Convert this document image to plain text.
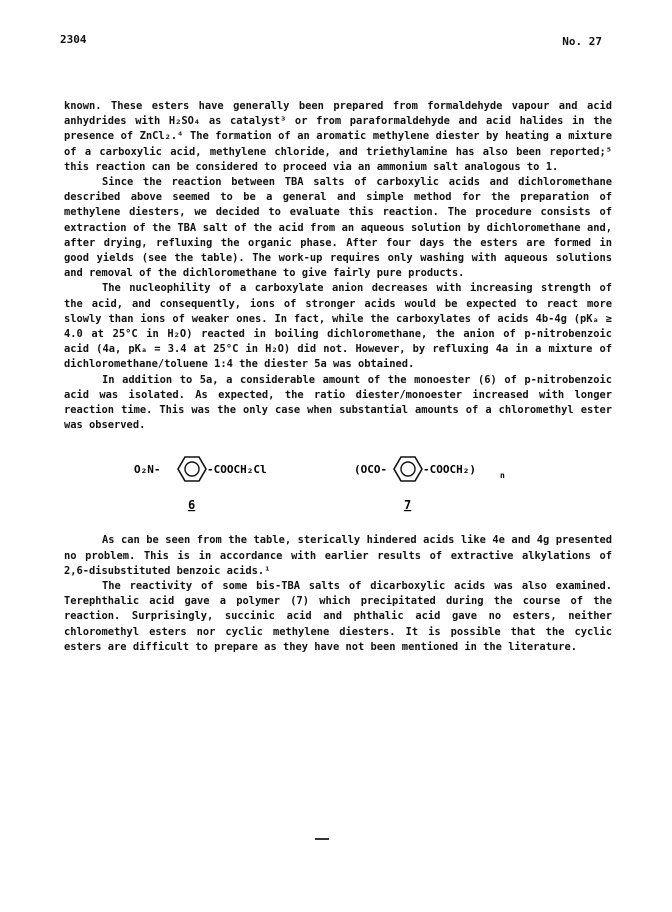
2304	No. 27

known. These esters have generally been prepared from formaldehyde vapour and acid anhydrides with H₂SO₄ as catalyst³ or from paraformaldehyde and acid halides in the presence of ZnCl₂.⁴ The formation of an aromatic methylene diester by heating a mixture of a carboxylic acid, methylene chloride, and triethylamine has also been reported;⁵ this reaction can be considered to proceed via an ammonium salt analogous to 1.

Since the reaction between TBA salts of carboxylic acids and dichloromethane described above seemed to be a general and simple method for the preparation of methylene diesters, we decided to evaluate this reaction. The procedure consists of extraction of the TBA salt of the acid from an aqueous solution by dichloromethane and, after drying, refluxing the organic phase. After four days the esters are formed in good yields (see the table). The work-up requires only washing with aqueous solutions and removal of the dichloromethane to give fairly pure products.

The nucleophility of a carboxylate anion decreases with increasing strength of the acid, and consequently, ions of stronger acids would be expected to react more slowly than ions of weaker ones. In fact, while the carboxylates of acids 4b-4g (pKₐ ≥ 4.0 at 25°C in H₂O) reacted in boiling dichloromethane, the anion of p-nitrobenzoic acid (4a, pKₐ = 3.4 at 25°C in H₂O) did not. However, by refluxing 4a in a mixture of dichloromethane/toluene 1:4 the diester 5a was obtained.

In addition to 5a, a considerable amount of the monoester (6) of p-nitrobenzoic acid was isolated. As expected, the ratio diester/monoester increased with longer reaction time. This was the only case when substantial amounts of a chloromethyl ester was observed.

O₂N-	-COOCH₂Cl
6
(OCO-	-COOCH₂)	n
7

As can be seen from the table, sterically hindered acids like 4e and 4g presented no problem. This is in accordance with earlier results of extractive alkylations of 2,6-disubstituted benzoic acids.¹

The reactivity of some bis-TBA salts of dicarboxylic acids was also examined. Terephthalic acid gave a polymer (7) which precipitated during the course of the reaction. Surprisingly, succinic acid and phthalic acid gave no esters, neither chloromethyl esters nor cyclic methylene diesters. It is possible that the cyclic esters are difficult to prepare as they have not been mentioned in the literature.
